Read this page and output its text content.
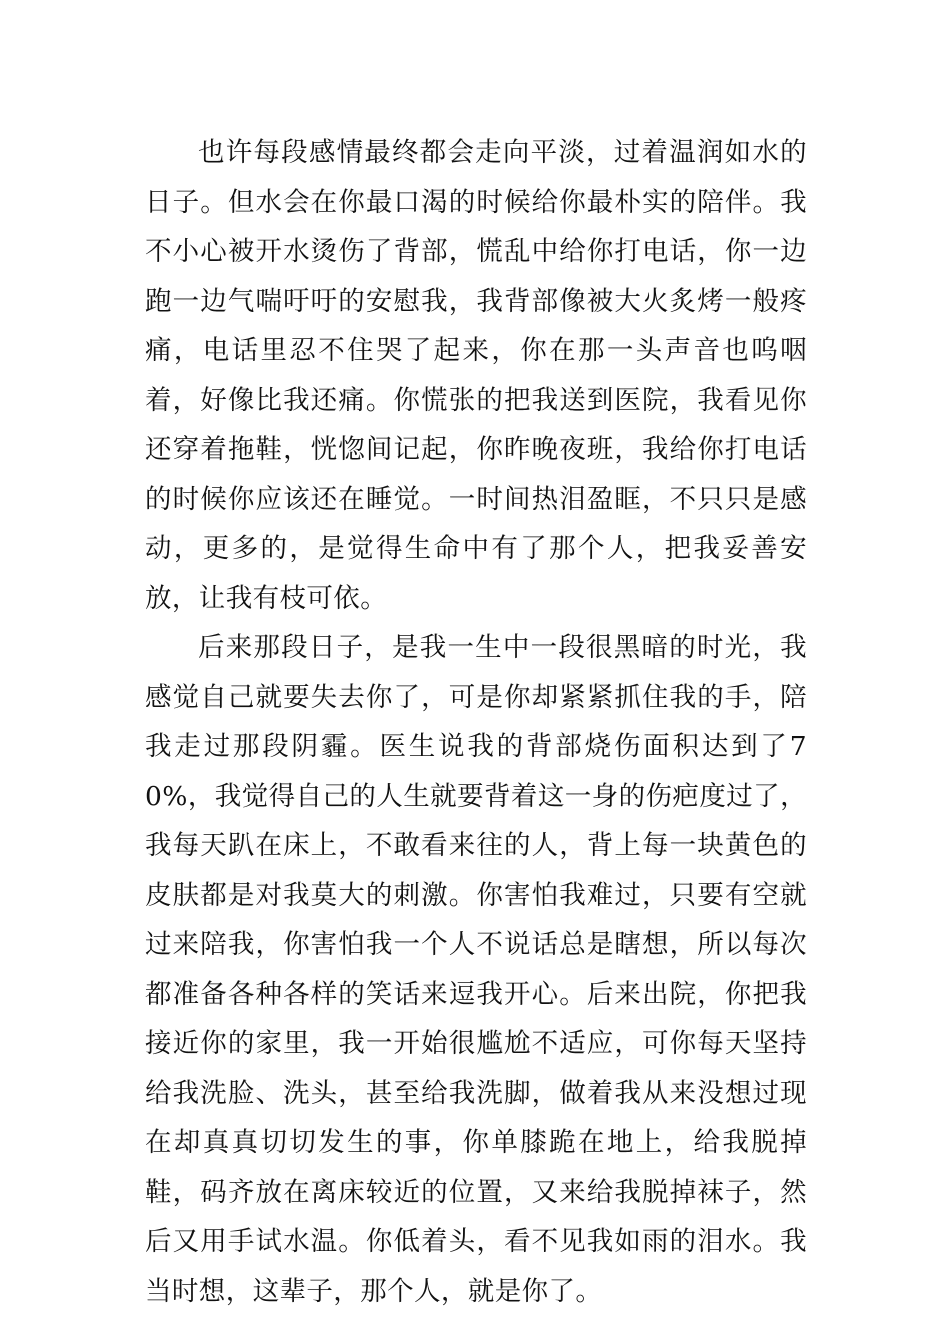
也许每段感情最终都会走向平淡，过着温润如水的日子。但水会在你最口渴的时候给你最朴实的陪伴。我不小心被开水烫伤了背部，慌乱中给你打电话，你一边跑一边气喘吁吁的安慰我，我背部像被大火炙烤一般疼痛，电话里忍不住哭了起来，你在那一头声音也呜咽着，好像比我还痛。你慌张的把我送到医院，我看见你还穿着拖鞋，恍惚间记起，你昨晚夜班，我给你打电话的时候你应该还在睡觉。一时间热泪盈眶，不只只是感动，更多的，是觉得生命中有了那个人，把我妥善安放，让我有枝可依。

后来那段日子，是我一生中一段很黑暗的时光，我感觉自己就要失去你了，可是你却紧紧抓住我的手，陪我走过那段阴霾。医生说我的背部烧伤面积达到了70%，我觉得自己的人生就要背着这一身的伤疤度过了，我每天趴在床上，不敢看来往的人，背上每一块黄色的皮肤都是对我莫大的刺激。你害怕我难过，只要有空就过来陪我，你害怕我一个人不说话总是瞎想，所以每次都准备各种各样的笑话来逗我开心。后来出院，你把我接近你的家里，我一开始很尴尬不适应，可你每天坚持给我洗脸、洗头，甚至给我洗脚，做着我从来没想过现在却真真切切发生的事，你单膝跪在地上，给我脱掉鞋，码齐放在离床较近的位置，又来给我脱掉袜子，然后又用手试水温。你低着头，看不见我如雨的泪水。我当时想，这辈子，那个人，就是你了。
